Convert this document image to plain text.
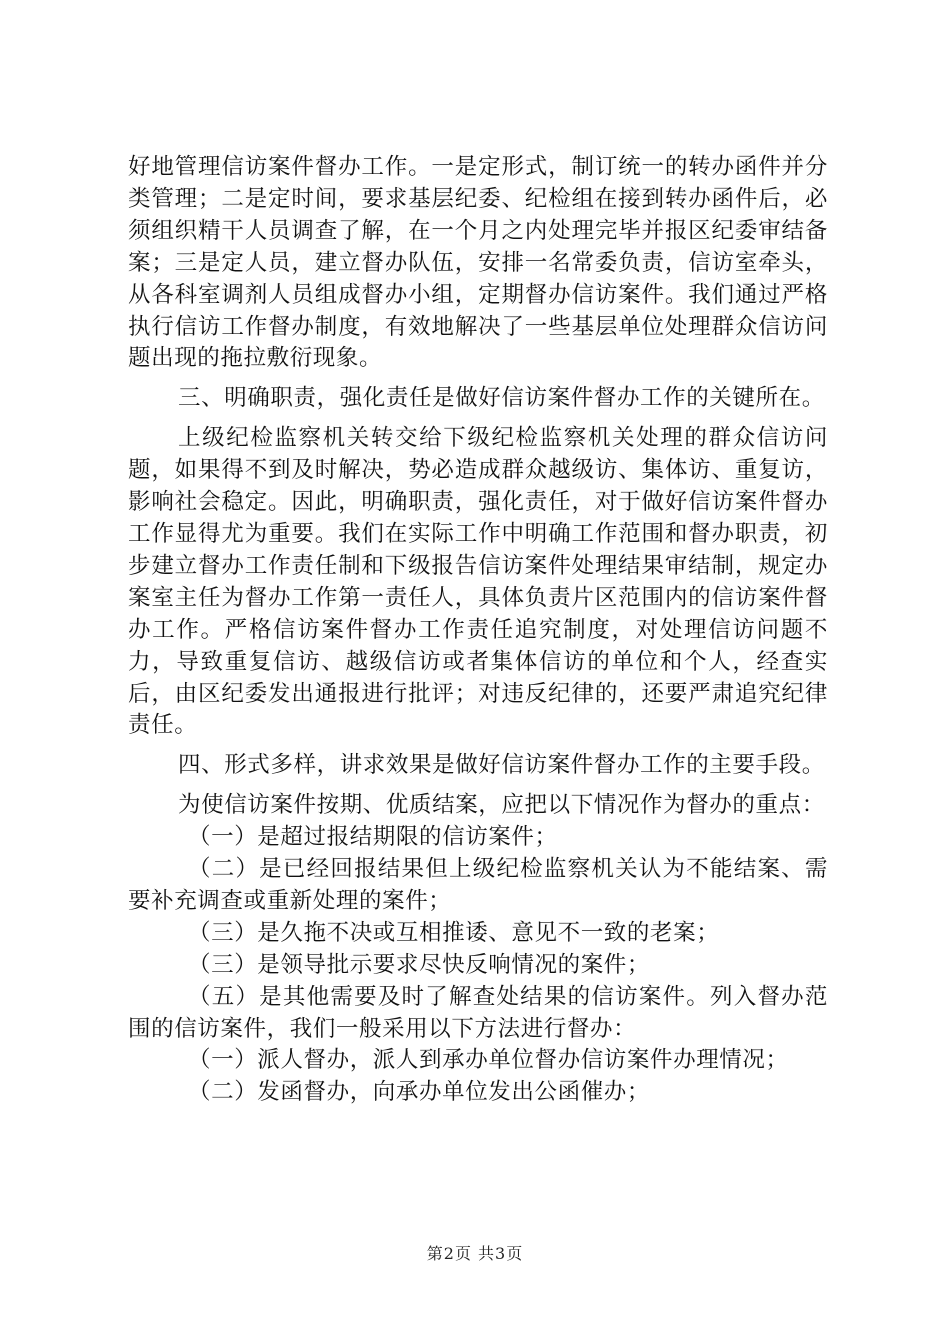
好地管理信访案件督办工作。一是定形式，制订统一的转办函件并分类管理；二是定时间，要求基层纪委、纪检组在接到转办函件后，必须组织精干人员调查了解，在一个月之内处理完毕并报区纪委审结备案；三是定人员，建立督办队伍，安排一名常委负责，信访室牵头，从各科室调剂人员组成督办小组，定期督办信访案件。我们通过严格执行信访工作督办制度，有效地解决了一些基层单位处理群众信访问题出现的拖拉敷衍现象。

三、明确职责，强化责任是做好信访案件督办工作的关键所在。

上级纪检监察机关转交给下级纪检监察机关处理的群众信访问题，如果得不到及时解决，势必造成群众越级访、集体访、重复访，影响社会稳定。因此，明确职责，强化责任，对于做好信访案件督办工作显得尤为重要。我们在实际工作中明确工作范围和督办职责，初步建立督办工作责任制和下级报告信访案件处理结果审结制，规定办案室主任为督办工作第一责任人，具体负责片区范围内的信访案件督办工作。严格信访案件督办工作责任追究制度，对处理信访问题不力，导致重复信访、越级信访或者集体信访的单位和个人，经查实后，由区纪委发出通报进行批评；对违反纪律的，还要严肃追究纪律责任。

四、形式多样，讲求效果是做好信访案件督办工作的主要手段。

为使信访案件按期、优质结案，应把以下情况作为督办的重点：

（一）是超过报结期限的信访案件；

（二）是已经回报结果但上级纪检监察机关认为不能结案、需要补充调查或重新处理的案件；

（三）是久拖不决或互相推诿、意见不一致的老案；

（三）是领导批示要求尽快反响情况的案件；

（五）是其他需要及时了解查处结果的信访案件。列入督办范围的信访案件，我们一般采用以下方法进行督办：

（一）派人督办，派人到承办单位督办信访案件办理情况；

（二）发函督办，向承办单位发出公函催办；

第2页 共3页
